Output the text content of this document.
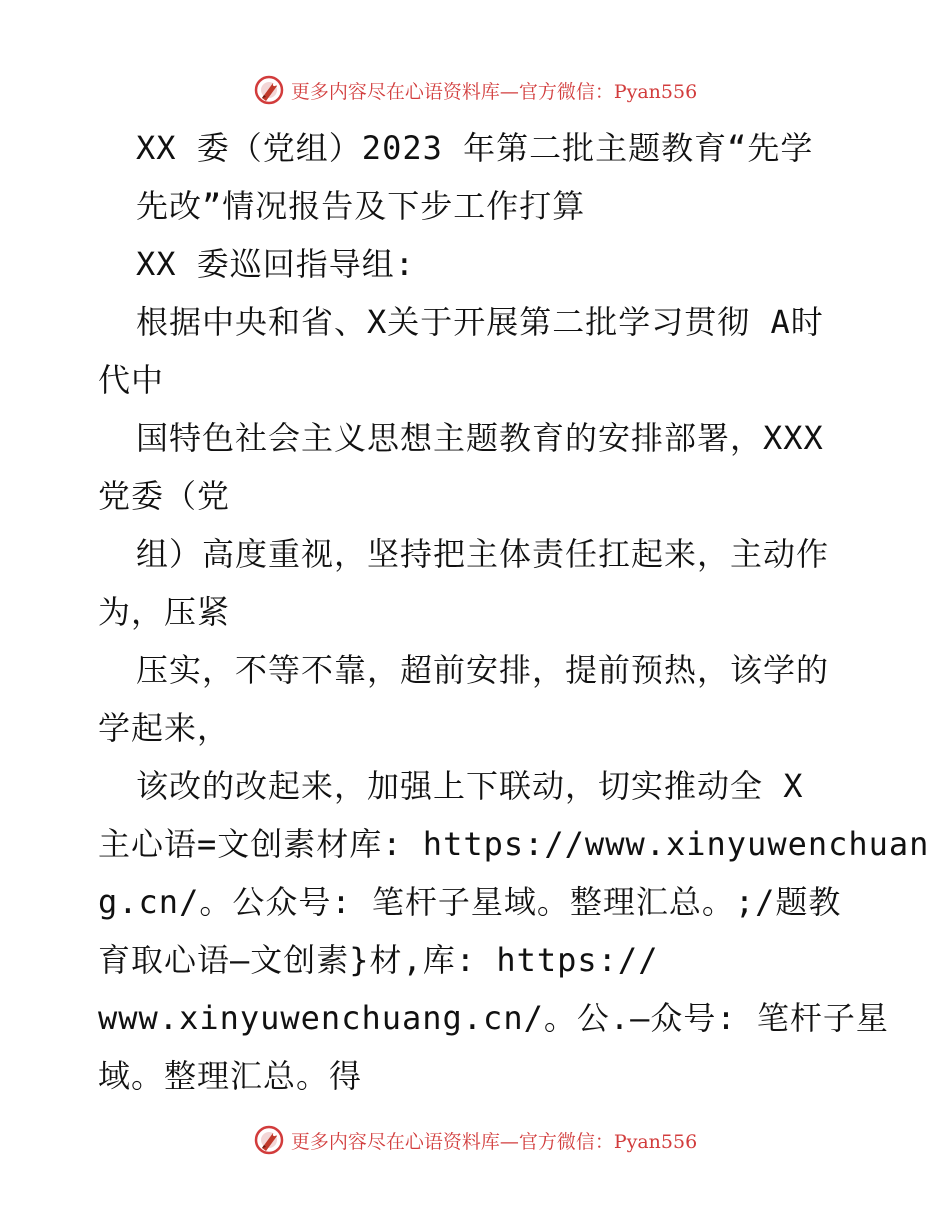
更多内容尽在心语资料库—官方微信：Pyan556
XX 委（党组）2023 年第二批主题教育“先学
先改”情况报告及下步工作打算
XX 委巡回指导组:
根据中央和省、X关于开展第二批学习贯彻 A时
代中
国特色社会主义思想主题教育的安排部署，XXX
党委（党
组）高度重视，坚持把主体责任扛起来，主动作
为，压紧
压实，不等不靠，超前安排，提前预热，该学的
学起来，
该改的改起来，加强上下联动，切实推动全 X
主心语=文创素材库: https://www.xinyuwenchuan
g.cn/。公众号: 笔杆子星域。整理汇总。;/题教
育取心语—文创素}材,库: https://
www.xinyuwenchuang.cn/。公.—众号: 笔杆子星
域。整理汇总。得
更多内容尽在心语资料库—官方微信：Pyan556
